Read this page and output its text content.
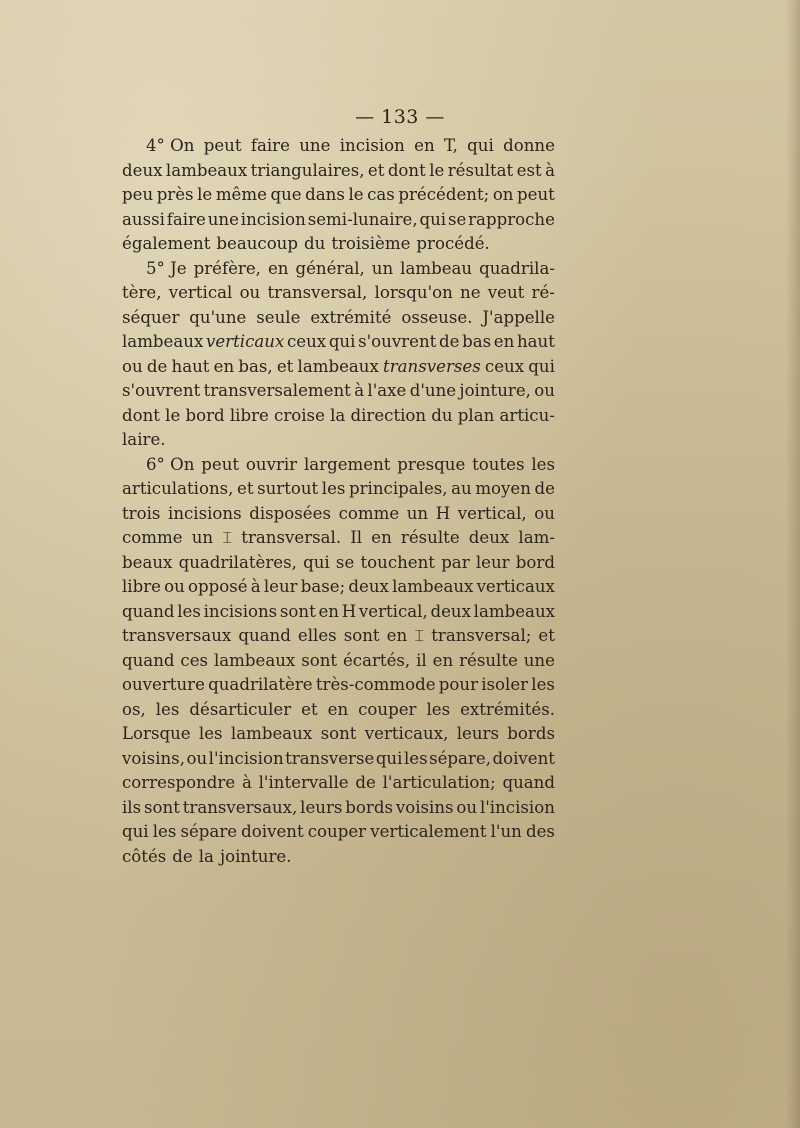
— 133 —
4° On peut faire une incision en T, qui donne
deux lambeaux triangulaires, et dont le résultat est à
peu près le même que dans le cas précédent; on peut
aussi faire une incision semi-lunaire, qui se rapproche
également beaucoup du troisième procédé.
5° Je préfère, en général, un lambeau quadrila-
tère, vertical ou transversal, lorsqu'on ne veut ré-
séquer qu'une seule extrémité osseuse. J'appelle
lambeaux verticaux ceux qui s'ouvrent de bas en haut
ou de haut en bas, et lambeaux transverses ceux qui
s'ouvrent transversalement à l'axe d'une jointure, ou
dont le bord libre croise la direction du plan articu-
laire.
6° On peut ouvrir largement presque toutes les
articulations, et surtout les principales, au moyen de
trois incisions disposées comme un H vertical, ou
comme un ⌶ transversal. Il en résulte deux lam-
beaux quadrilatères, qui se touchent par leur bord
libre ou opposé à leur base; deux lambeaux verticaux
quand les incisions sont en H vertical, deux lambeaux
transversaux quand elles sont en ⌶ transversal; et
quand ces lambeaux sont écartés, il en résulte une
ouverture quadrilatère très-commode pour isoler les
os, les désarticuler et en couper les extrémités.
Lorsque les lambeaux sont verticaux, leurs bords
voisins, ou l'incision transverse qui les sépare, doivent
correspondre à l'intervalle de l'articulation; quand
ils sont transversaux, leurs bords voisins ou l'incision
qui les sépare doivent couper verticalement l'un des
côtés de la jointure.
